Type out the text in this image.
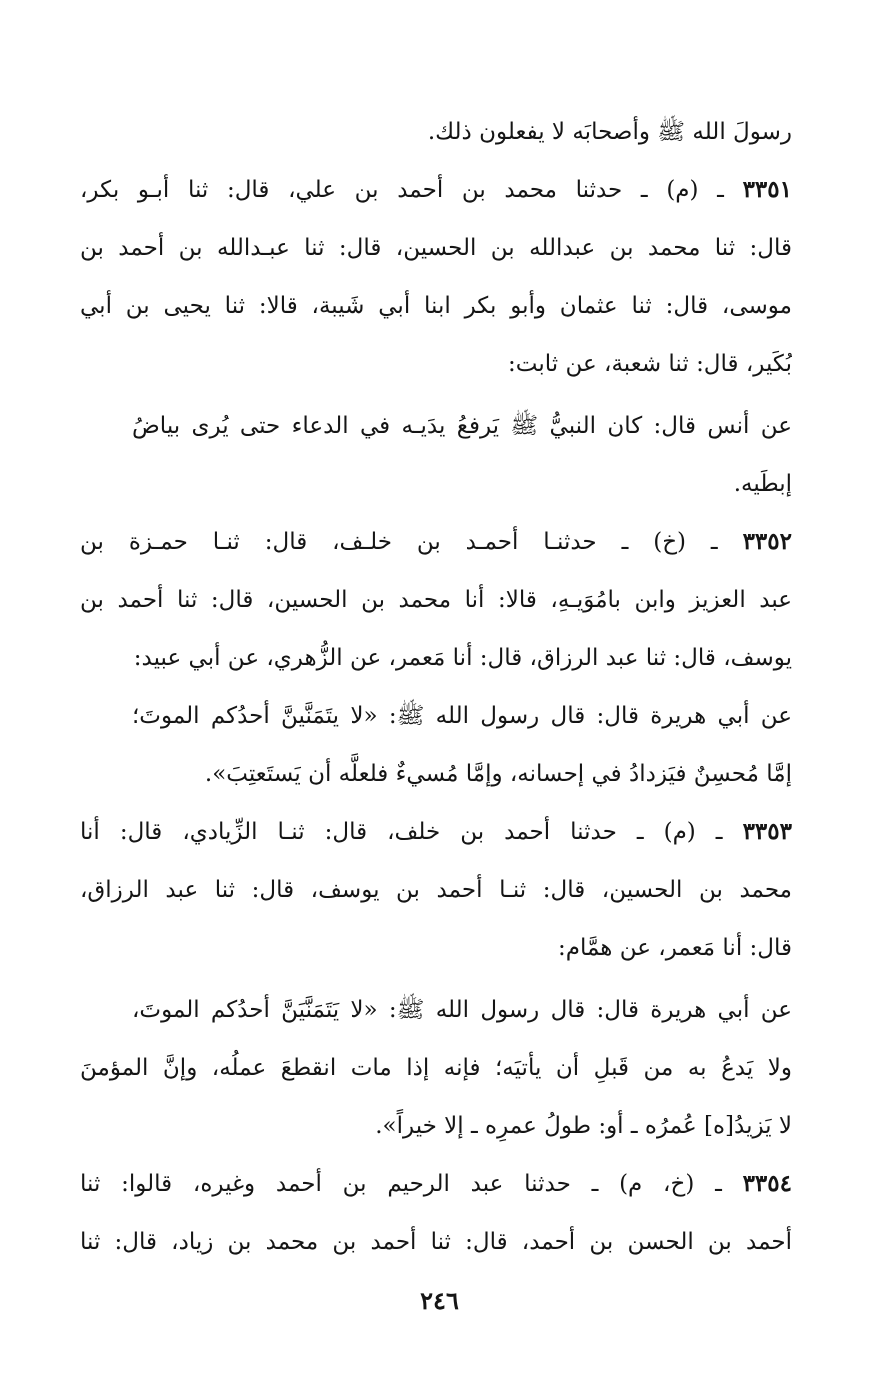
رسولَ الله ﷺ وأصحابَه لا يفعلون ذلك.
٣٣٥١ ـ (م) ـ حدثنا محمد بن أحمد بن علي، قال: ثنا أبـو بكر،
قال: ثنا محمد بن عبدالله بن الحسين، قال: ثنا عبـدالله بن أحمد بن
موسى، قال: ثنا عثمان وأبو بكر ابنا أبي شَيبة، قالا: ثنا يحيى بن أبي
بُكَير، قال: ثنا شعبة، عن ثابت:
عن أنس قال: كان النبيُّ ﷺ يَرفعُ يدَيـه في الدعاء حتى يُرى بياضُ
إبطَيه.
٣٣٥٢ ـ (خ) ـ حدثنـا أحمـد بن خلـف، قال: ثنـا حمـزة بن
عبد العزيز وابن بامُوَيـهِ، قالا: أنا محمد بن الحسين، قال: ثنا أحمد بن
يوسف، قال: ثنا عبد الرزاق، قال: أنا مَعمر، عن الزُّهري، عن أبي عبيد:
عن أبي هريرة قال: قال رسول الله ﷺ: «لا يتَمَنَّينَّ أحدُكم الموتَ؛
إمَّا مُحسِنٌ فيَزدادُ في إحسانه، وإمَّا مُسيءٌ فلعلَّه أن يَستَعتِبَ».
٣٣٥٣ ـ (م) ـ حدثنا أحمد بن خلف، قال: ثنـا الزِّيادي، قال: أنا
محمد بن الحسين، قال: ثنـا أحمد بن يوسف، قال: ثنا عبد الرزاق،
قال: أنا مَعمر، عن همَّام:
عن أبي هريرة قال: قال رسول الله ﷺ: «لا يَتَمَنَّيَنَّ أحدُكم الموتَ،
ولا يَدعُ به من قَبلِ أن يأتيَه؛ فإنه إذا مات انقطعَ عملُه، وإنَّ المؤمنَ
لا يَزيدُ[ه] عُمرُه ـ أو: طولُ عمرِه ـ إلا خيراً».
٣٣٥٤ ـ (خ، م) ـ حدثنا عبد الرحيم بن أحمد وغيره، قالوا: ثنا
أحمد بن الحسن بن أحمد، قال: ثنا أحمد بن محمد بن زياد، قال: ثنا
٢٤٦
